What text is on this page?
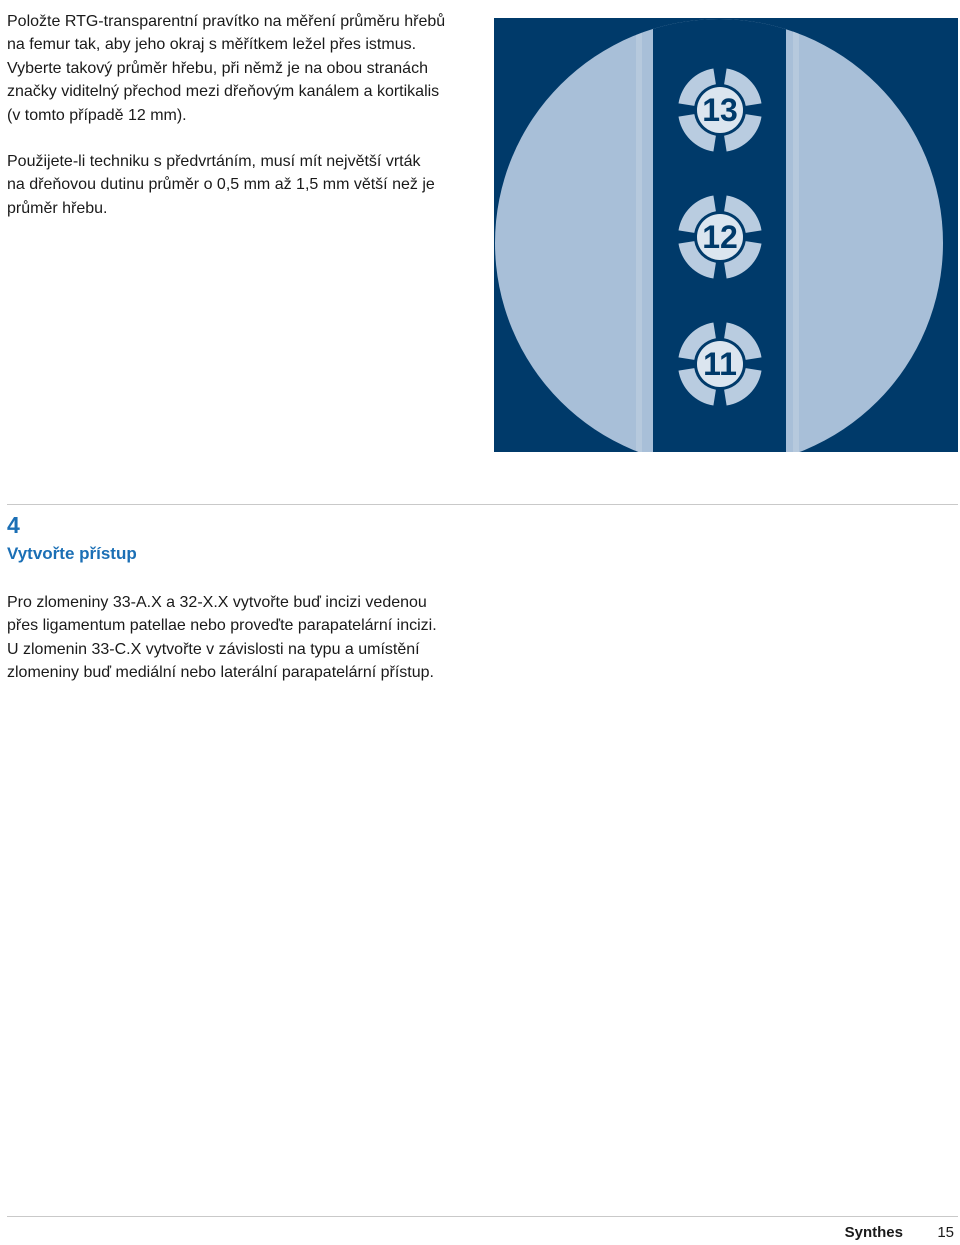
Položte RTG-transparentní pravítko na měření průměru hřebů
na femur tak, aby jeho okraj s měřítkem ležel přes istmus.
Vyberte takový průměr hřebu, při němž je na obou stranách
značky viditelný přechod mezi dřeňovým kanálem a kortikalis
(v tomto případě 12 mm).
Použijete-li techniku s předvrtáním, musí mít největší vrták
na dřeňovou dutinu průměr o 0,5 mm až 1,5 mm větší než je
průměr hřebu.
13
12
11
4
Vytvořte přístup
Pro zlomeniny 33-A.X a 32-X.X vytvořte buď incizi vedenou
přes ligamentum patellae nebo proveďte parapatelární incizi.
U zlomenin 33-C.X vytvořte v závislosti na typu a umístění
zlomeniny buď mediální nebo laterální parapatelární přístup.
Synthes 15
